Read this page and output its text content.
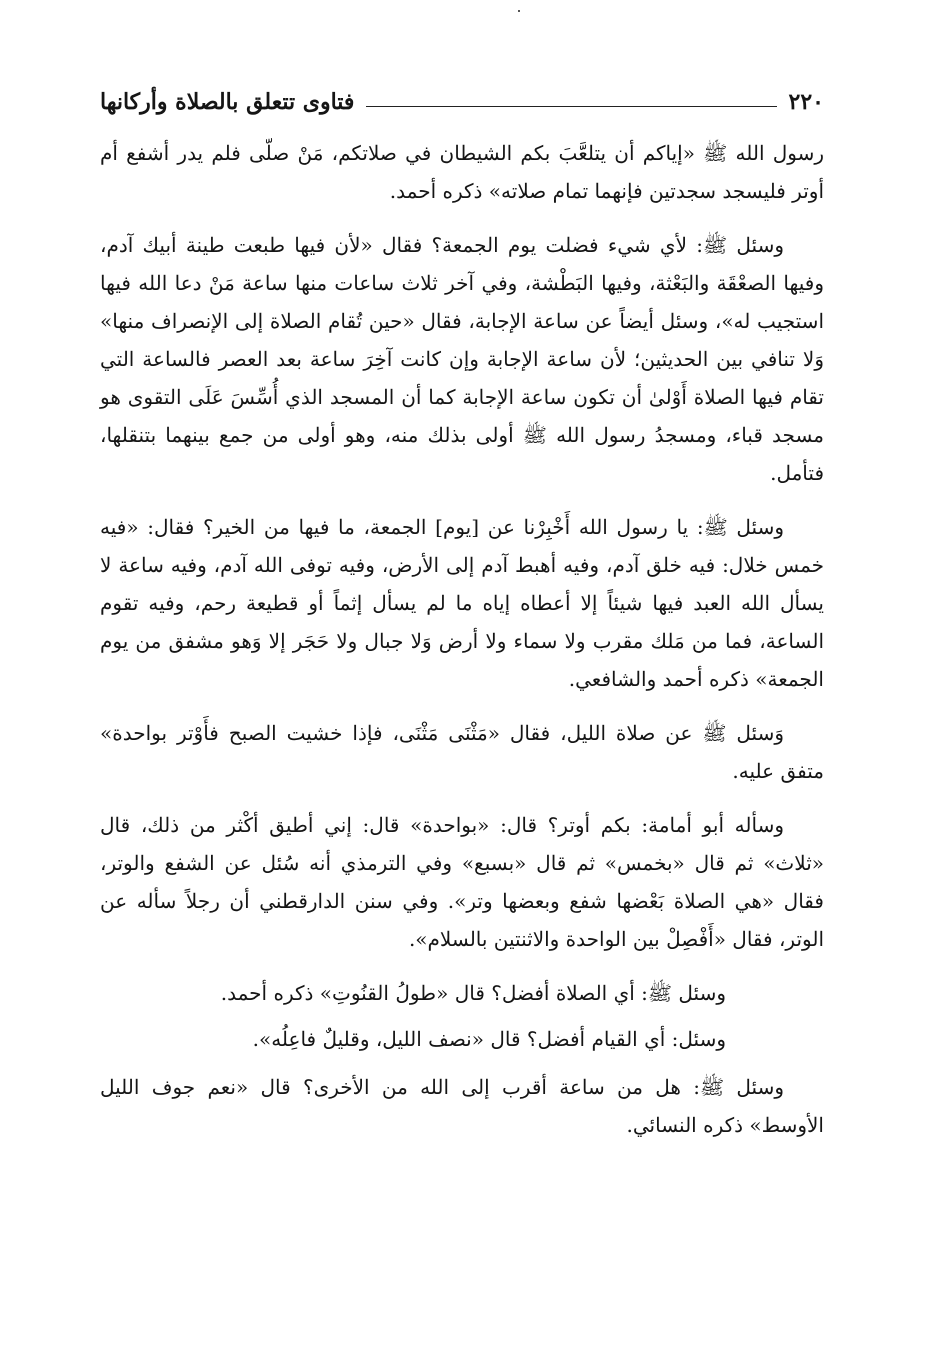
٢٢٠
فتاوى تتعلق بالصلاة وأركانها

رسول الله ﷺ «إياكم أن يتلعَّبَ بكم الشيطان في صلاتكم، مَنْ صلّى فلم يدر أشفع أم أوتر فليسجد سجدتين فإنهما تمام صلاته» ذكره أحمد.

وسئل ﷺ: لأي شيء فضلت يوم الجمعة؟ فقال «لأن فيها طبعت طينة أبيك آدم، وفيها الصعْقَة والبَعْثة، وفيها البَطْشة، وفي آخر ثلاث ساعات منها ساعة مَنْ دعا الله فيها استجيب له»، وسئل أيضاً عن ساعة الإجابة، فقال «حين تُقام الصلاة إلى الإنصراف منها» وَلا تنافي بين الحديثين؛ لأن ساعة الإجابة وإن كانت آخِرَ ساعة بعد العصر فالساعة التي تقام فيها الصلاة أَوْلىٰ أن تكون ساعة الإجابة كما أن المسجد الذي أُسِّسَ عَلَى التقوى هو مسجد قباء، ومسجدُ رسول الله ﷺ أولى بذلك منه، وهو أولى من جمع بينهما بتنقلها، فتأمل.

وسئل ﷺ: يا رسول الله أَخْبِرْنا عن [يوم] الجمعة، ما فيها من الخير؟ فقال: «فيه خمس خلال: فيه خلق آدم، وفيه أهبط آدم إلى الأرض، وفيه توفى الله آدم، وفيه ساعة لا يسأل الله العبد فيها شيئاً إلا أعطاه إياه ما لم يسأل إثماً أو قطيعة رحم، وفيه تقوم الساعة، فما من مَلك مقرب ولا سماء ولا أرض وَلا جبال ولا حَجَر إلا وَهو مشفق من يوم الجمعة» ذكره أحمد والشافعي.

وَسئل ﷺ عن صلاة الليل، فقال «مَثْنَى مَثْنَى، فإذا خشيت الصبح فأَوْتر بواحدة» متفق عليه.

وسأله أبو أمامة: بكم أوتر؟ قال: «بواحدة» قال: إني أطيق أكْثر من ذلك، قال «ثلاث» ثم قال «بخمس» ثم قال «بسبع» وفي الترمذي أنه سُئل عن الشفع والوتر، فقال «هي الصلاة بَعْضها شفع وبعضها وتر». وفي سنن الدارقطني أن رجلاً سأله عن الوتر، فقال «أَفْصِلْ بين الواحدة والاثنتين بالسلام».

وسئل ﷺ: أي الصلاة أفضل؟ قال «طولُ القنُوتِ» ذكره أحمد.

وسئل: أي القيام أفضل؟ قال «نصف الليل، وقليلٌ فاعِلُه».

وسئل ﷺ: هل من ساعة أقرب إلى الله من الأخرى؟ قال «نعم جوف الليل الأوسط» ذكره النسائي.
